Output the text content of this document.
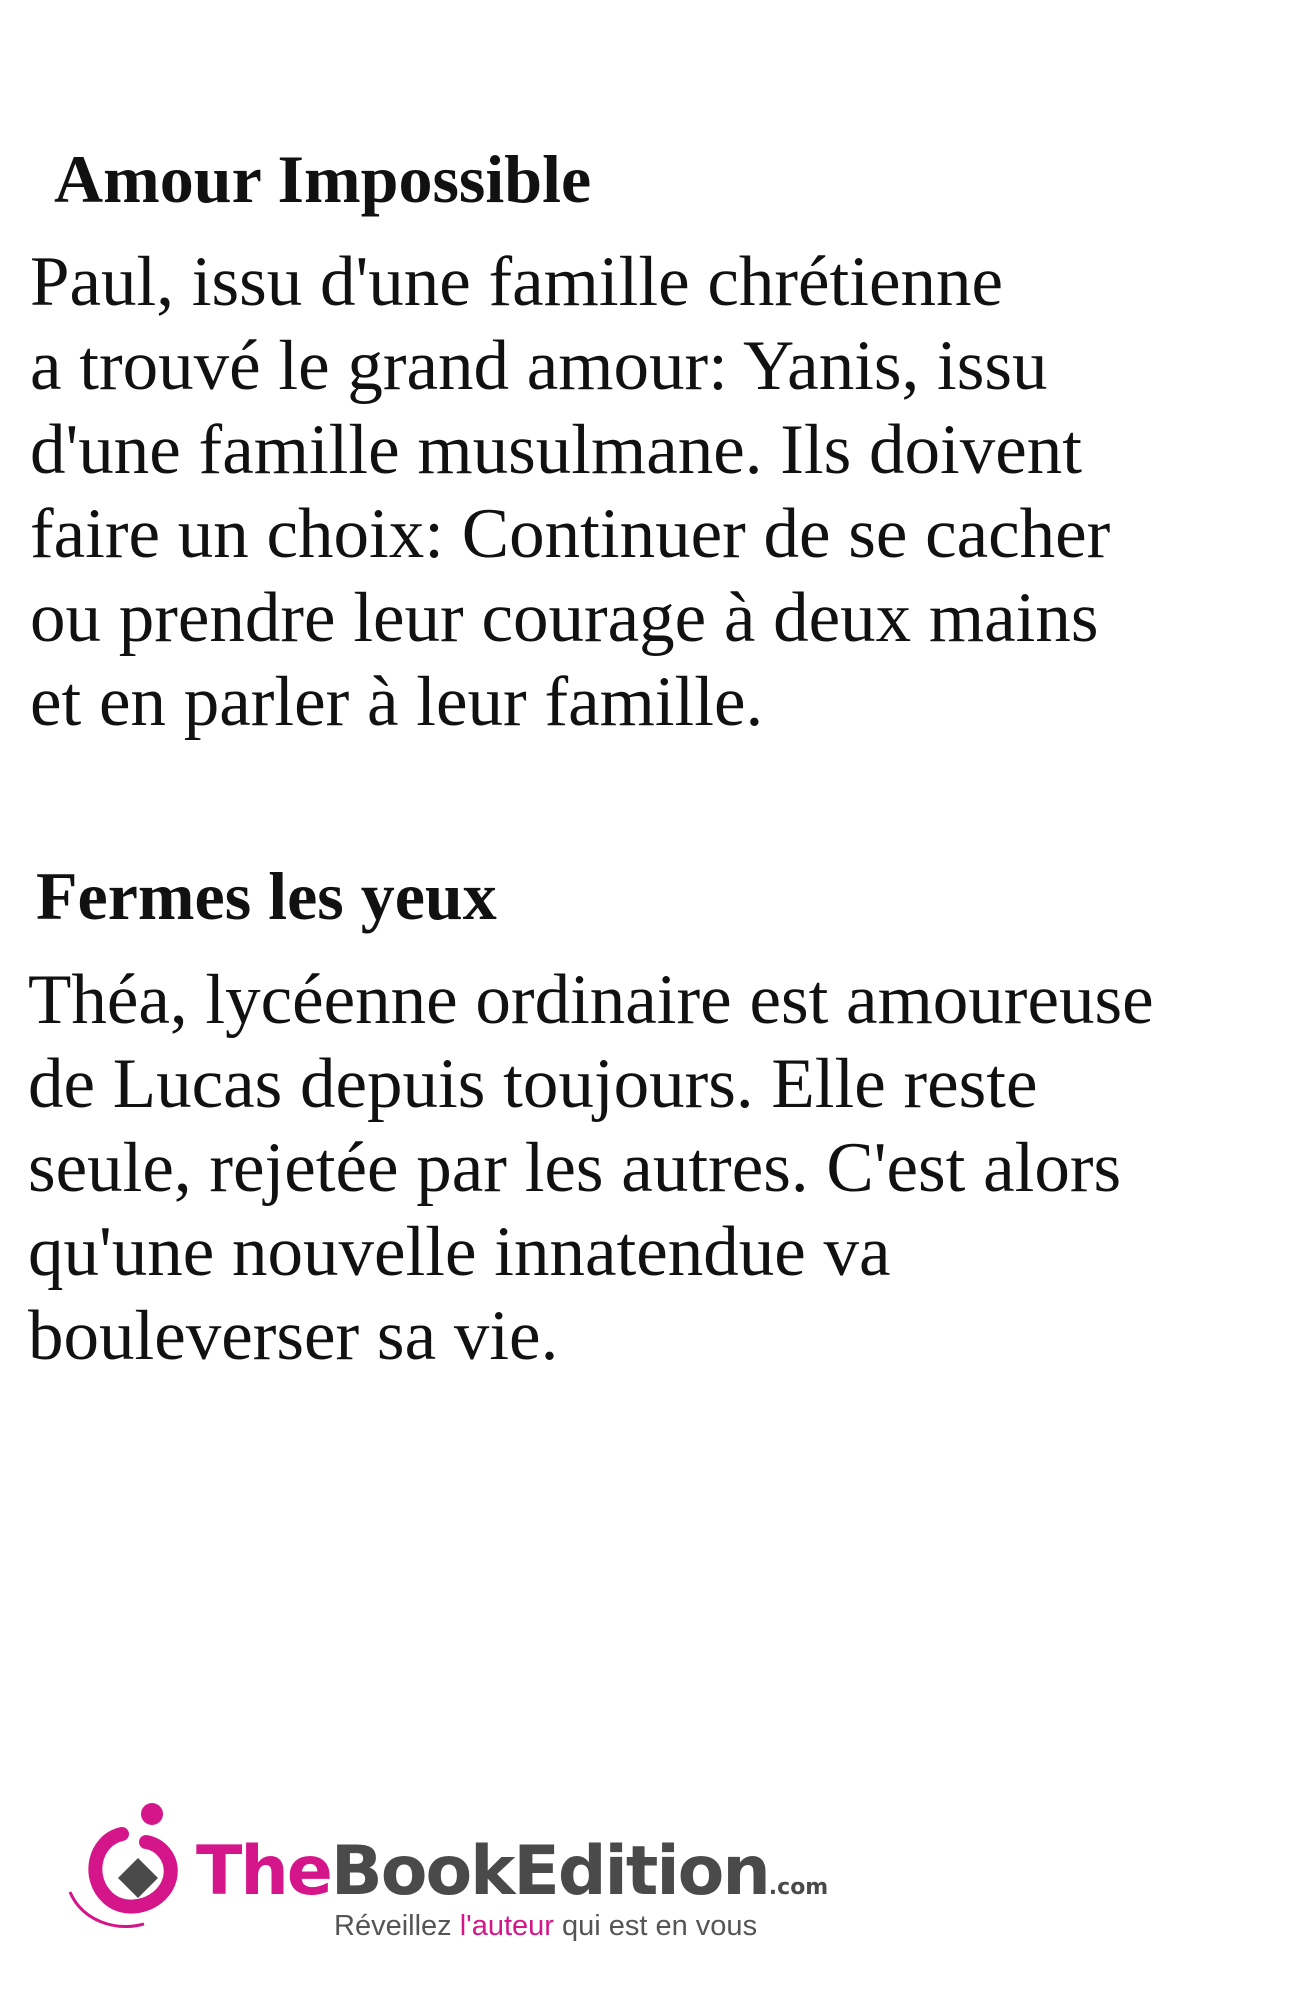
Amour Impossible

Paul, issu d'une famille chrétienne
a trouvé le grand amour: Yanis, issu
d'une famille musulmane. Ils doivent
faire un choix: Continuer de se cacher
ou prendre leur courage à deux mains
et en parler à leur famille.

Fermes les yeux

Théa, lycéenne ordinaire est amoureuse
de Lucas depuis toujours. Elle reste
seule, rejetée par les autres. C'est alors
qu'une nouvelle innatendue va
bouleverser sa vie.

TheBookEdition.com
Réveillez l'auteur qui est en vous
